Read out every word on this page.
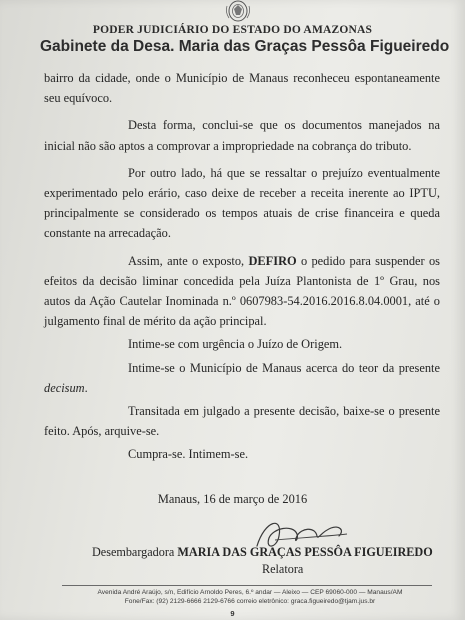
PODER JUDICIÁRIO DO ESTADO DO AMAZONAS
Gabinete da Desa. Maria das Graças Pessôa Figueiredo

bairro da cidade, onde o Município de Manaus reconheceu espontaneamente seu equívoco.

Desta forma, conclui-se que os documentos manejados na inicial não são aptos a comprovar a impropriedade na cobrança do tributo.

Por outro lado, há que se ressaltar o prejuízo eventualmente experimentado pelo erário, caso deixe de receber a receita inerente ao IPTU, principalmente se considerado os tempos atuais de crise financeira e queda constante na arrecadação.

Assim, ante o exposto, DEFIRO o pedido para suspender os efeitos da decisão liminar concedida pela Juíza Plantonista de 1º Grau, nos autos da Ação Cautelar Inominada n.º 0607983-54.2016.2016.8.04.0001, até o julgamento final de mérito da ação principal.

Intime-se com urgência o Juízo de Origem.

Intime-se o Município de Manaus acerca do teor da presente decisum.

Transitada em julgado a presente decisão, baixe-se o presente feito. Após, arquive-se.

Cumpra-se. Intimem-se.

Manaus, 16 de março de 2016
Desembargadora MARIA DAS GRAÇAS PESSÔA FIGUEIREDO
Relatora
Avenida André Araújo, s/n, Edifício Arnoldo Peres, 6.º andar — Aleixo — CEP 69060-000 — Manaus/AM
Fone/Fax: (92) 2129-6666 2129-6766 correio eletrônico: graca.figueiredo@tjam.jus.br
9
